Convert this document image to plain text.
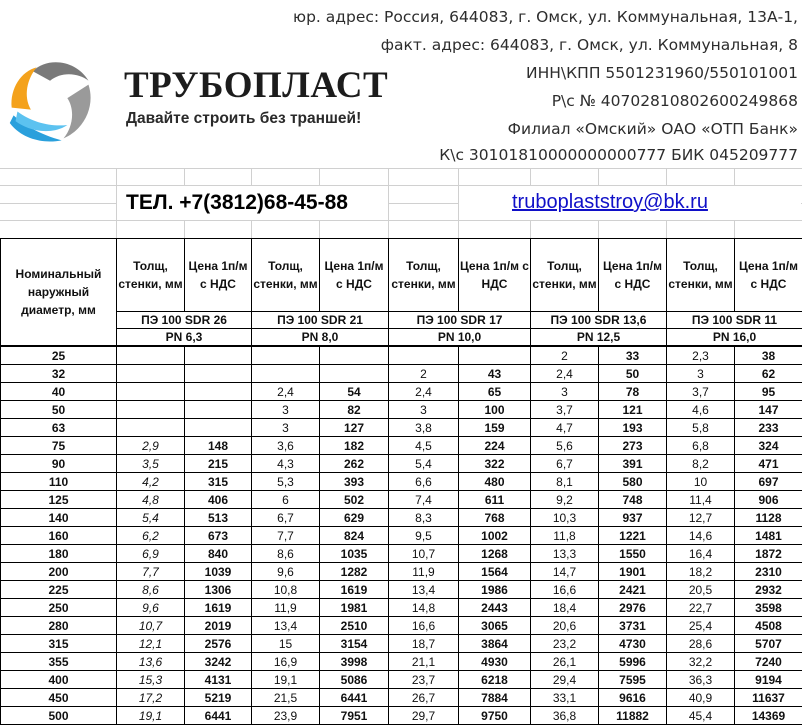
ТРУБОПЛАСТ
Давайте строить без траншей!
юр. адрес: Россия, 644083, г. Омск, ул. Коммунальная, 13А-1,
факт. адрес: 644083, г. Омск, ул. Коммунальная, 8
ИНН\КПП 5501231960/550101001
Р\с № 40702810802600249868
Филиал «Омский» ОАО «ОТП Банк»
К\с 30101810000000000777 БИК 045209777
ТЕЛ. +7(3812)68-45-88	truboplaststroy@bk.ru
Номинальный наружный диаметр, мм	Толщ, стенки, мм	Цена 1п/м с НДС	Толщ, стенки, мм	Цена 1п/м с НДС	Толщ, стенки, мм	Цена 1п/м с НДС	Толщ, стенки, мм	Цена 1п/м с НДС	Толщ, стенки, мм	Цена 1п/м с НДС
	ПЭ 100 SDR 26		ПЭ 100 SDR 21		ПЭ 100 SDR 17		ПЭ 100 SDR 13,6		ПЭ 100 SDR 11	
	PN 6,3		PN 8,0		PN 10,0		PN 12,5		PN 16,0	
25							2	33	2,3	38
32					2	43	2,4	50	3	62
40			2,4	54	2,4	65	3	78	3,7	95
50			3	82	3	100	3,7	121	4,6	147
63			3	127	3,8	159	4,7	193	5,8	233
75	2,9	148	3,6	182	4,5	224	5,6	273	6,8	324
90	3,5	215	4,3	262	5,4	322	6,7	391	8,2	471
110	4,2	315	5,3	393	6,6	480	8,1	580	10	697
125	4,8	406	6	502	7,4	611	9,2	748	11,4	906
140	5,4	513	6,7	629	8,3	768	10,3	937	12,7	1128
160	6,2	673	7,7	824	9,5	1002	11,8	1221	14,6	1481
180	6,9	840	8,6	1035	10,7	1268	13,3	1550	16,4	1872
200	7,7	1039	9,6	1282	11,9	1564	14,7	1901	18,2	2310
225	8,6	1306	10,8	1619	13,4	1986	16,6	2421	20,5	2932
250	9,6	1619	11,9	1981	14,8	2443	18,4	2976	22,7	3598
280	10,7	2019	13,4	2510	16,6	3065	20,6	3731	25,4	4508
315	12,1	2576	15	3154	18,7	3864	23,2	4730	28,6	5707
355	13,6	3242	16,9	3998	21,1	4930	26,1	5996	32,2	7240
400	15,3	4131	19,1	5086	23,7	6218	29,4	7595	36,3	9194
450	17,2	5219	21,5	6441	26,7	7884	33,1	9616	40,9	11637
500	19,1	6441	23,9	7951	29,7	9750	36,8	11882	45,4	14369
